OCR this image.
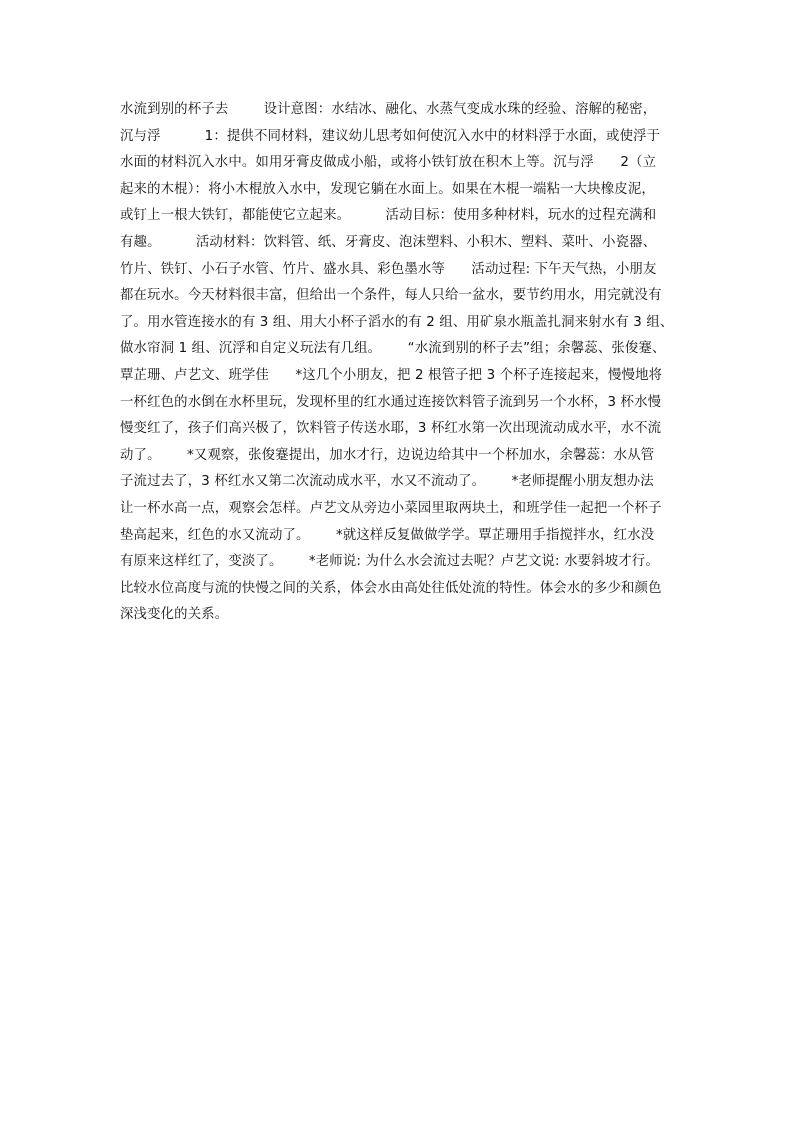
水流到别的杯子去        设计意图：水结冰、融化、水蒸气变成水珠的经验、溶解的秘密，
沉与浮          1：提供不同材料，建议幼儿思考如何使沉入水中的材料浮于水面，或使浮于
水面的材料沉入水中。如用牙膏皮做成小船，或将小铁钉放在积木上等。沉与浮      2（立
起来的木棍）：将小木棍放入水中，发现它躺在水面上。如果在木棍一端粘一大块橡皮泥，
或钉上一根大铁钉，都能使它立起来。        活动目标：使用多种材料，玩水的过程充满和
有趣。        活动材料：饮料管、纸、牙膏皮、泡沫塑料、小积木、塑料、菜叶、小瓷器、
竹片、铁钉、小石子水管、竹片、盛水具、彩色墨水等      活动过程: 下午天气热，小朋友
都在玩水。今天材料很丰富，但给出一个条件，每人只给一盆水，要节约用水，用完就没有
了。用水管连接水的有 3 组、用大小杯子滔水的有 2 组、用矿泉水瓶盖扎洞来射水有 3 组、
做水帘洞 1 组、沉浮和自定义玩法有几组。      “水流到别的杯子去”组；余馨蕊、张俊蹇、
覃芷珊、卢艺文、班学佳      *这几个小朋友，把 2 根管子把 3 个杯子连接起来，慢慢地将
一杯红色的水倒在水杯里玩，发现杯里的红水通过连接饮料管子流到另一个水杯，3 杯水慢
慢变红了，孩子们高兴极了，饮料管子传送水耶，3 杯红水第一次出现流动成水平，水不流
动了。      *又观察，张俊蹇提出，加水才行，边说边给其中一个杯加水，余馨蕊：水从管
子流过去了，3 杯红水又第二次流动成水平，水又不流动了。      *老师提醒小朋友想办法
让一杯水高一点，观察会怎样。卢艺文从旁边小菜园里取两块土，和班学佳一起把一个杯子
垫高起来，红色的水又流动了。      *就这样反复做做学学。覃芷珊用手指搅拌水，红水没
有原来这样红了，变淡了。      *老师说: 为什么水会流过去呢？卢艺文说: 水要斜坡才行。
比较水位高度与流的快慢之间的关系，体会水由高处往低处流的特性。体会水的多少和颜色
深浅变化的关系。
